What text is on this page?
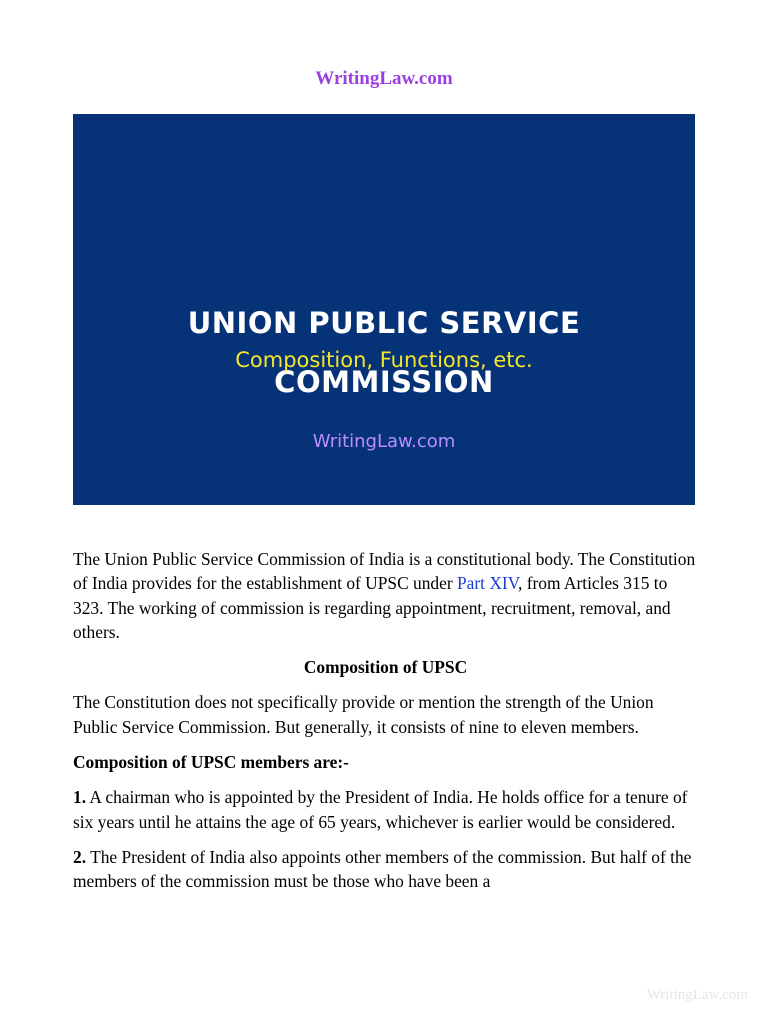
WritingLaw.com
UNION PUBLIC SERVICE
COMMISSION
Composition, Functions, etc.
WritingLaw.com

The Union Public Service Commission of India is a constitutional body. The Constitution of India provides for the establishment of UPSC under Part XIV, from Articles 315 to 323. The working of commission is regarding appointment, recruitment, removal, and others.

Composition of UPSC

The Constitution does not specifically provide or mention the strength of the Union Public Service Commission. But generally, it consists of nine to eleven members.

Composition of UPSC members are:-

1. A chairman who is appointed by the President of India. He holds office for a tenure of six years until he attains the age of 65 years, whichever is earlier would be considered.

2. The President of India also appoints other members of the commission. But half of the members of the commission must be those who have been a

WritingLaw.com
